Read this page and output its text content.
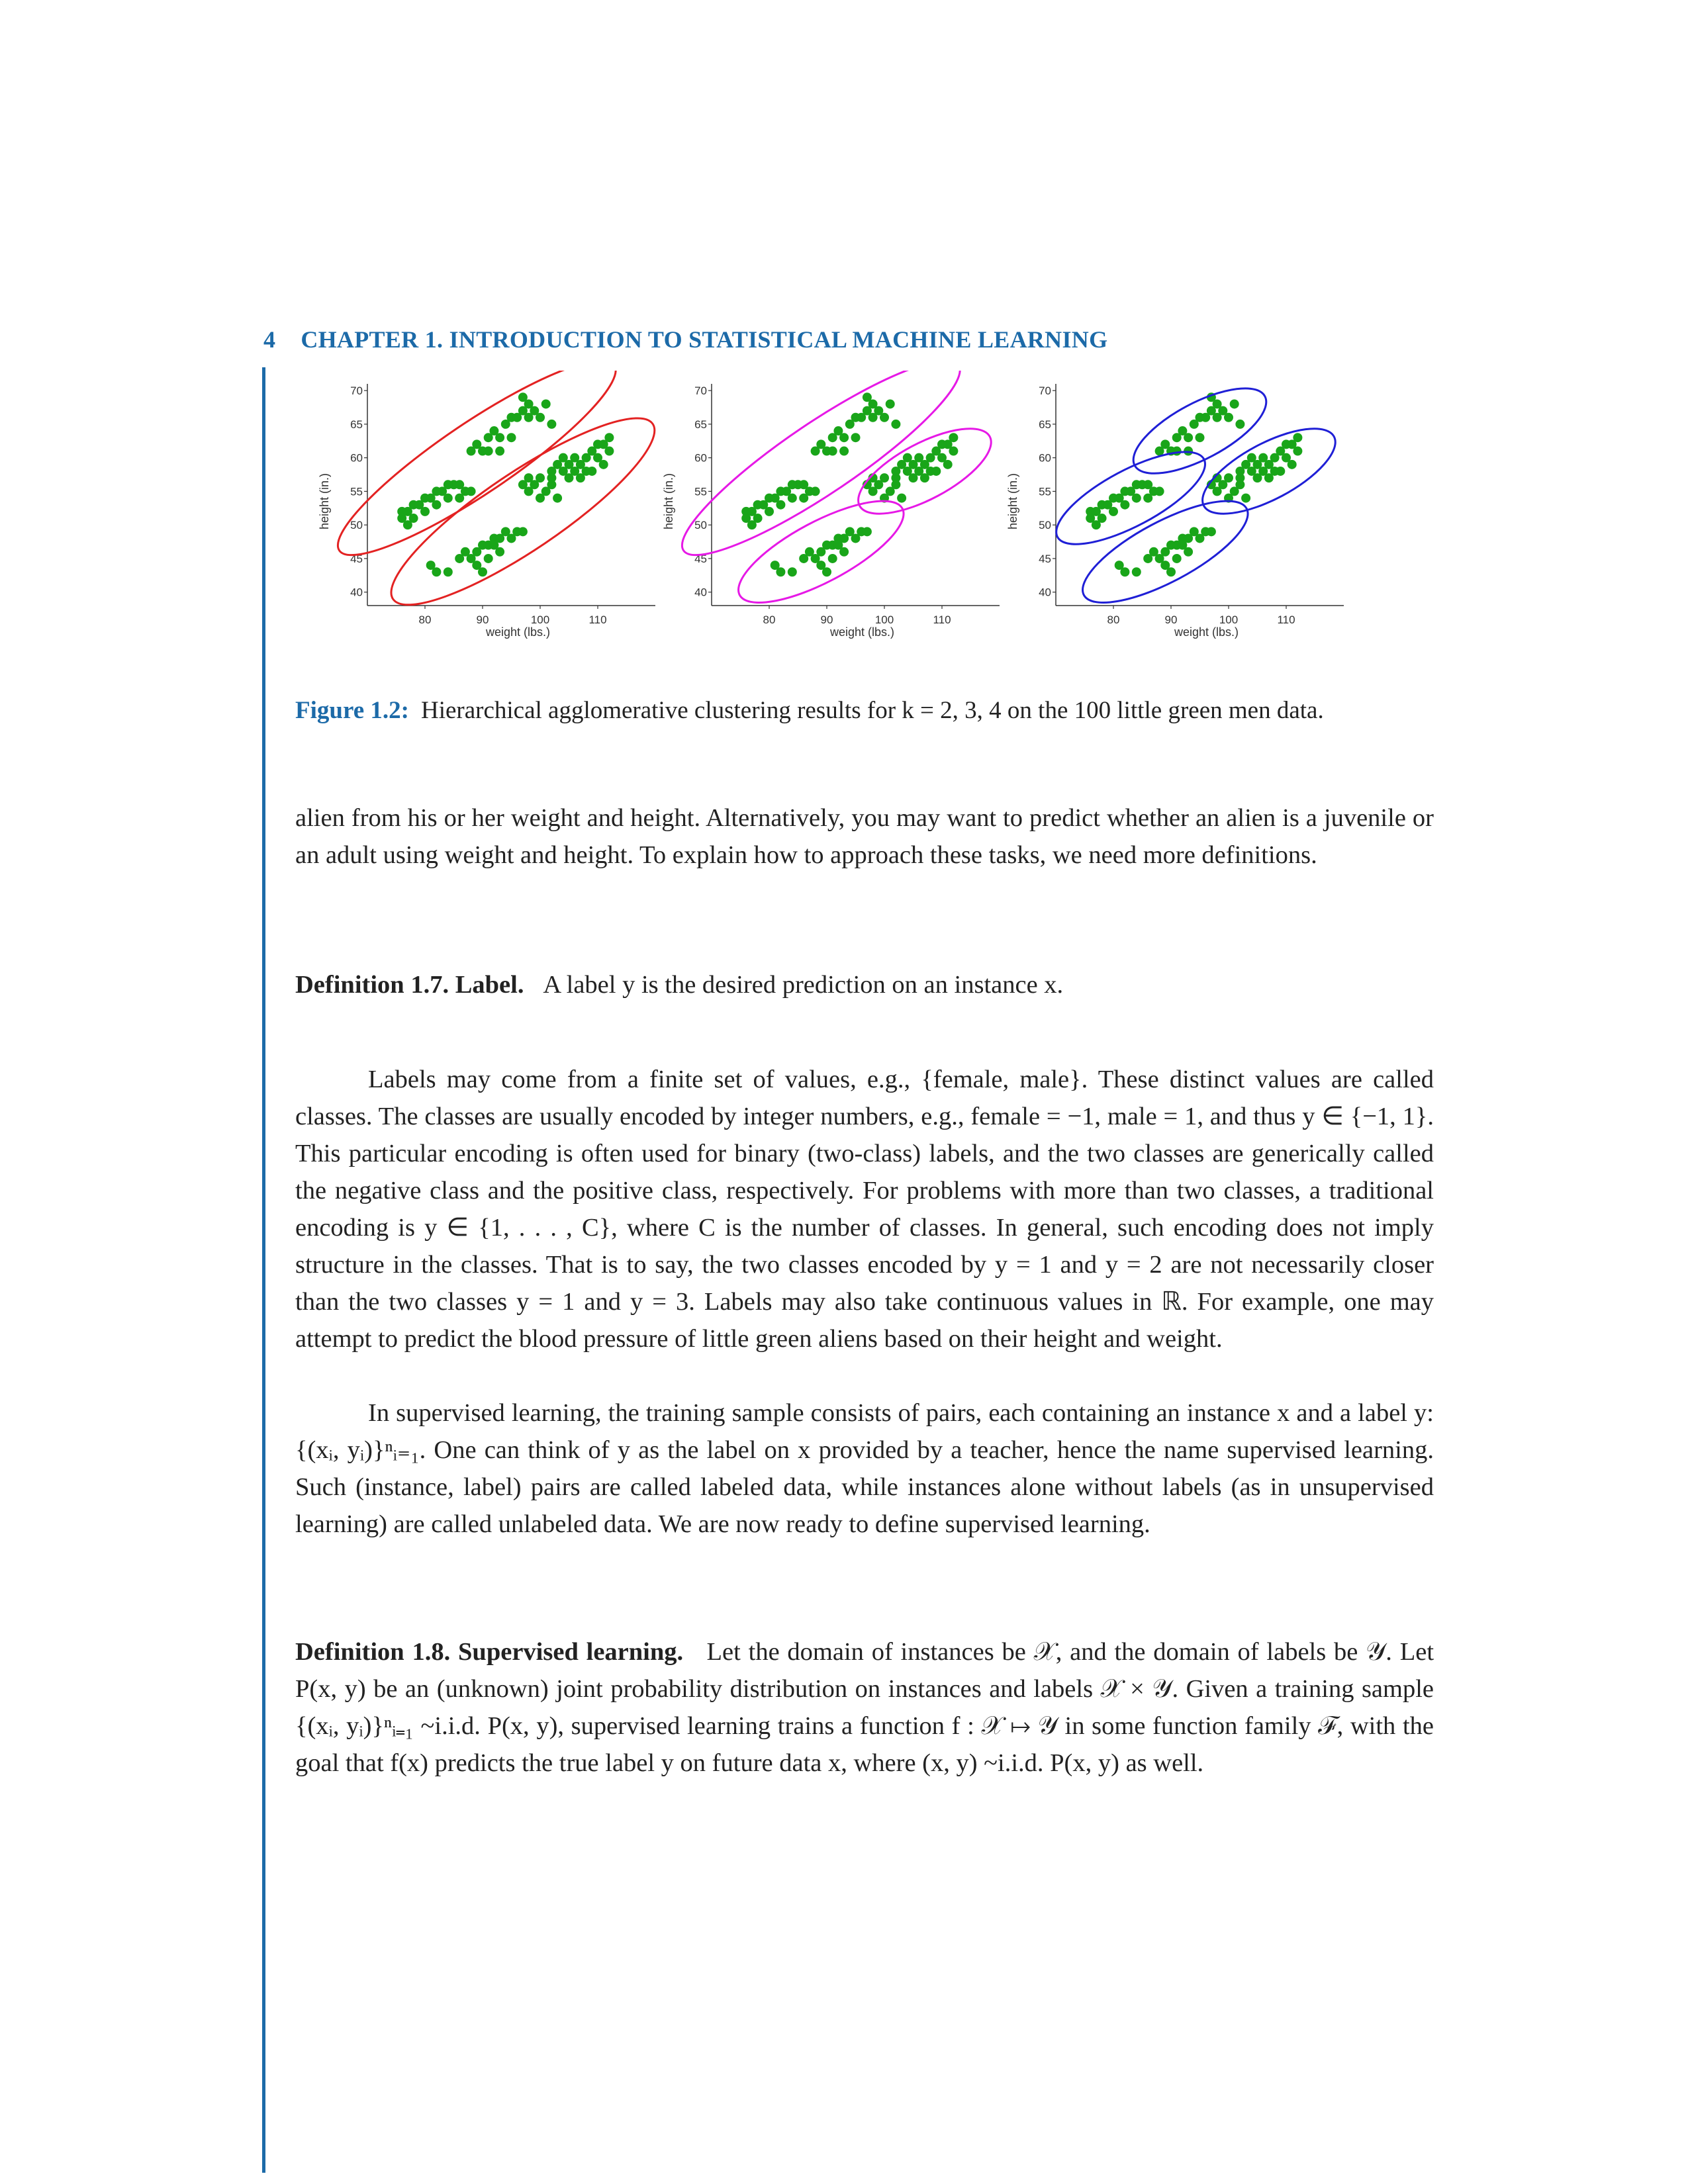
4 CHAPTER 1. INTRODUCTION TO STATISTICAL MACHINE LEARNING
40
45
50
55
60
65
70
80	90	100	110
weight (lbs.)
height (in.)
40
45
50
55
60
65
70
80	90	100	110
weight (lbs.)
height (in.)
40
45
50
55
60
65
70
80	90	100	110
weight (lbs.)
height (in.)
Figure 1.2: Hierarchical agglomerative clustering results for k = 2, 3, 4 on the 100 little green men data.

alien from his or her weight and height. Alternatively, you may want to predict whether an alien is a juvenile or an adult using weight and height. To explain how to approach these tasks, we need more definitions.

Definition 1.7. Label. A label y is the desired prediction on an instance x.

Labels may come from a finite set of values, e.g., {female, male}. These distinct values are called classes. The classes are usually encoded by integer numbers, e.g., female = −1, male = 1, and thus y ∈ {−1, 1}. This particular encoding is often used for binary (two-class) labels, and the two classes are generically called the negative class and the positive class, respectively. For problems with more than two classes, a traditional encoding is y ∈ {1, . . . , C}, where C is the number of classes. In general, such encoding does not imply structure in the classes. That is to say, the two classes encoded by y = 1 and y = 2 are not necessarily closer than the two classes y = 1 and y = 3. Labels may also take continuous values in ℝ. For example, one may attempt to predict the blood pressure of little green aliens based on their height and weight.

In supervised learning, the training sample consists of pairs, each containing an instance x and a label y: {(xᵢ, yᵢ)}ⁿᵢ₌₁. One can think of y as the label on x provided by a teacher, hence the name supervised learning. Such (instance, label) pairs are called labeled data, while instances alone without labels (as in unsupervised learning) are called unlabeled data. We are now ready to define supervised learning.

Definition 1.8. Supervised learning. Let the domain of instances be 𝒳, and the domain of labels be 𝒴. Let P(x, y) be an (unknown) joint probability distribution on instances and labels 𝒳 × 𝒴. Given a training sample {(xᵢ, yᵢ)}ⁿᵢ₌₁ ~i.i.d. P(x, y), supervised learning trains a function f : 𝒳 ↦ 𝒴 in some function family ℱ, with the goal that f(x) predicts the true label y on future data x, where (x, y) ~i.i.d. P(x, y) as well.
